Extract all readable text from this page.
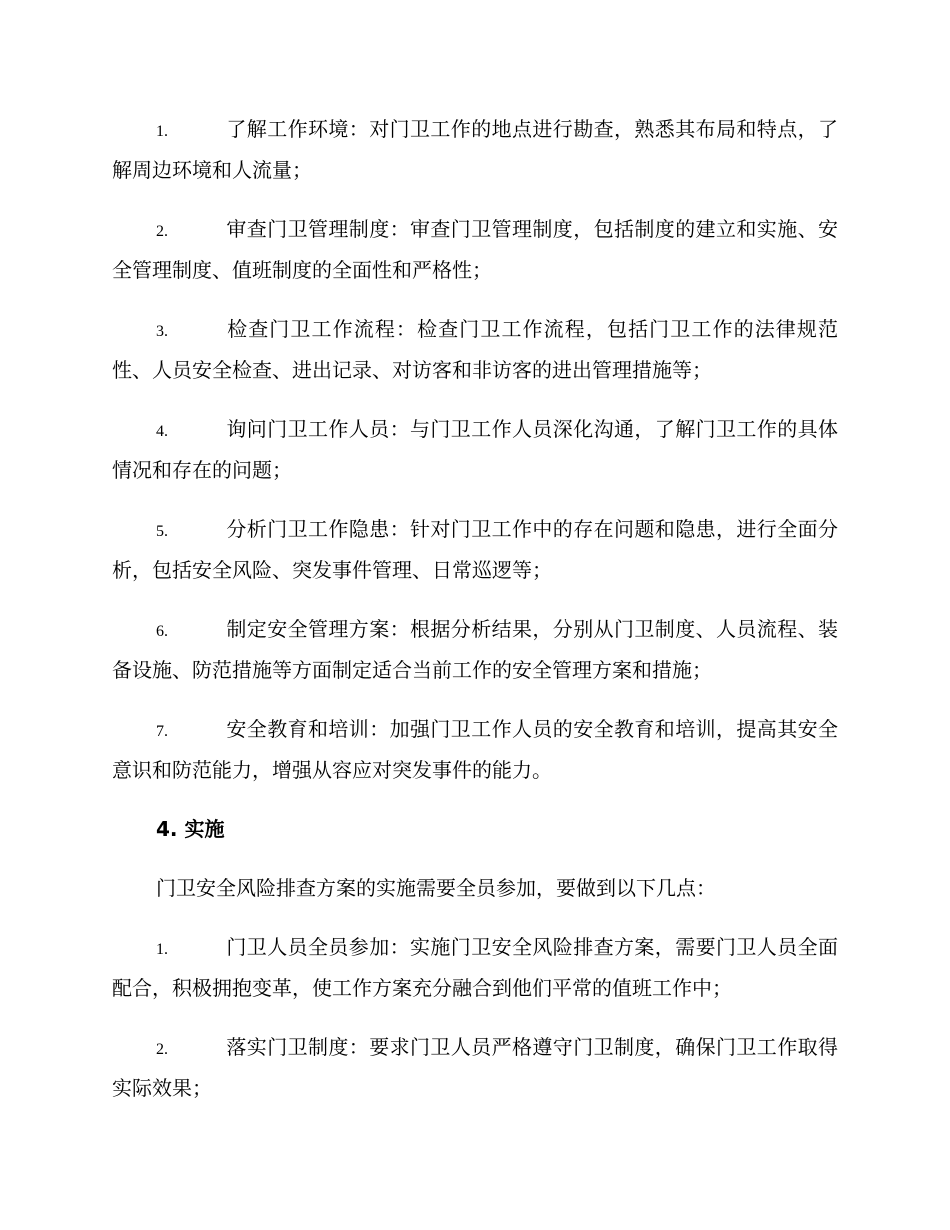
1.	了解工作环境：对门卫工作的地点进行勘查，熟悉其布局和特点，了解周边环境和人流量；

2.	审查门卫管理制度：审查门卫管理制度，包括制度的建立和实施、安全管理制度、值班制度的全面性和严格性；

3.	检查门卫工作流程：检查门卫工作流程，包括门卫工作的法律规范性、人员安全检查、进出记录、对访客和非访客的进出管理措施等；

4.	询问门卫工作人员：与门卫工作人员深化沟通，了解门卫工作的具体情况和存在的问题；

5.	分析门卫工作隐患：针对门卫工作中的存在问题和隐患，进行全面分析，包括安全风险、突发事件管理、日常巡逻等；

6.	制定安全管理方案：根据分析结果，分别从门卫制度、人员流程、装备设施、防范措施等方面制定适合当前工作的安全管理方案和措施；

7.	安全教育和培训：加强门卫工作人员的安全教育和培训，提高其安全意识和防范能力，增强从容应对突发事件的能力。

4. 实施

门卫安全风险排查方案的实施需要全员参加，要做到以下几点：

1.	门卫人员全员参加：实施门卫安全风险排查方案，需要门卫人员全面配合，积极拥抱变革，使工作方案充分融合到他们平常的值班工作中；

2.	落实门卫制度：要求门卫人员严格遵守门卫制度，确保门卫工作取得实际效果；
